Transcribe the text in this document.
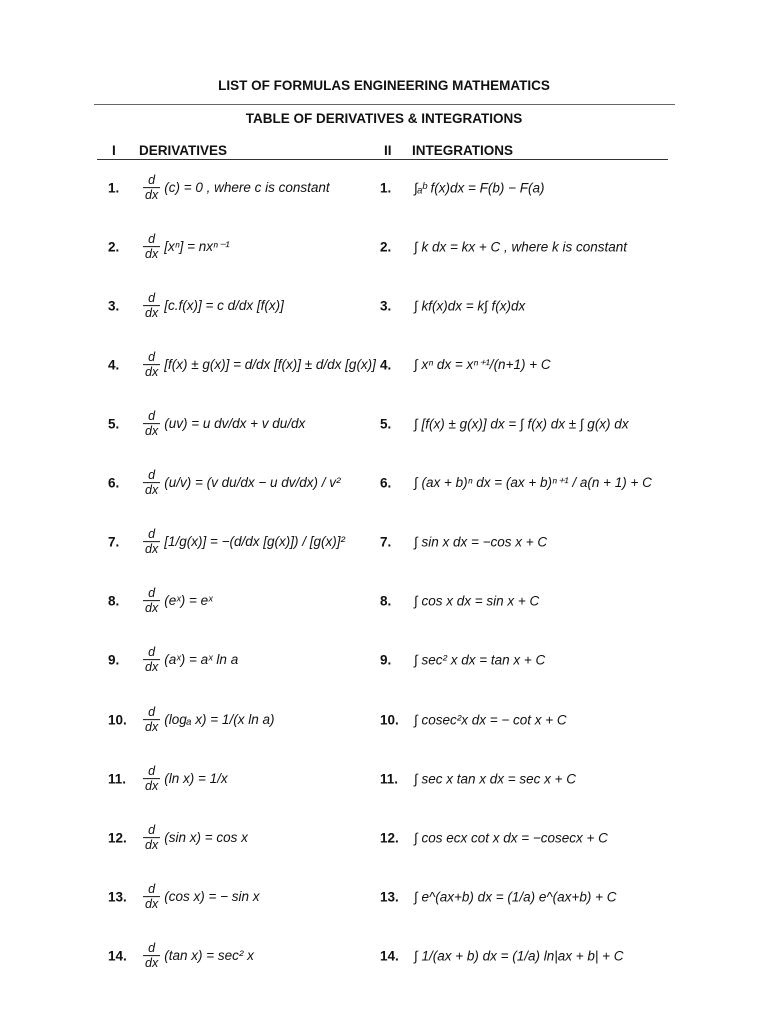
LIST OF FORMULAS ENGINEERING MATHEMATICS
TABLE OF DERIVATIVES & INTEGRATIONS
I DERIVATIVES	II INTEGRATIONS
1. $\frac{d}{dx} (c) = 0$ , where c is constant	1. ∫ₐᵇ f(x)dx = F(b) − F(a)
2. $\frac{d}{dx} [x^n] = nx^{n-1}$	2. ∫ k dx = kx + C , where k is constant
3. $\frac{d}{dx} [c.f(x)] = c$ d/dx [f(x)]	3. ∫ kf(x)dx = k∫ f(x)dx
4. $\frac{d}{dx} [f(x) \pm g(x)] = d/dx$ [f(x)] ± d/dx [g(x)] 4. ∫ xⁿ dx = xⁿ⁺¹/(n+1) + C
5. $\frac{d}{dx} (uv) = u$ dv/dx + v du/dx	5. ∫ [f(x) ± g(x)] dx = ∫ f(x) dx ± ∫ g(x) dx
6. $\frac{d}{dx} (u/v) = (v$ du/dx − u dv/dx) / v²	6. ∫ (ax + b)ⁿ dx = (ax + b)ⁿ⁺¹ / a(n + 1) + C
7. $\frac{d}{dx} [1/g(x)] = -(d/dx$ [g(x)]) / [g(x)]²	7. ∫ sin x dx = −cos x + C
8. $\frac{d}{dx}$ (eˣ) = eˣ	8. ∫ cos x dx = sin x + C
9. $\frac{d}{dx}$ (aˣ) = aˣ ln a	9. ∫ sec² x dx = tan x + C
10. $\frac{d}{dx} (\log_a$ x) = 1/(x ln a)	10. ∫ cosec²x dx = − cot x + C
11. $\frac{d}{dx} (\ln$ x) = 1/x	11. ∫ sec x tan x dx = sec x + C
12. $\frac{d}{dx} (\sin$ x) = cos x	12. ∫ cos ecx cot x dx = −cosecx + C
13. $\frac{d}{dx} (\cos$ x) = − sin x	13. ∫ e^(ax+b) dx = (1/a) e^(ax+b) + C
14. $\frac{d}{dx} (\tan$ x) = sec² x	14. ∫ 1/(ax + b) dx = (1/a) ln|ax + b| + C
